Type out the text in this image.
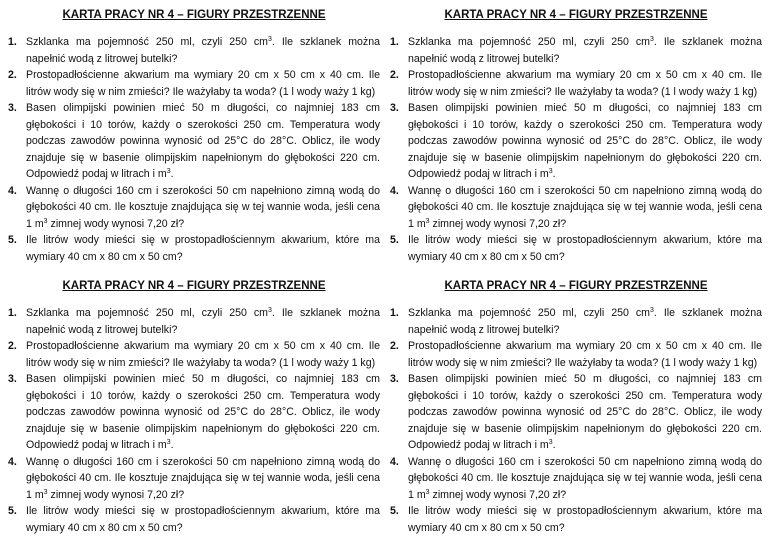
KARTA PRACY NR 4 – FIGURY PRZESTRZENNE
1. Szklanka ma pojemność 250 ml, czyli 250 $cm^3$. Ile szklanek można napełnić wodą z litrowej butelki?
2. Prostopadłościenne akwarium ma wymiary 20 cm x 50 cm x 40 cm. Ile litrów wody się w nim zmieści? Ile ważyłaby ta woda? (1 l wody waży 1 kg)
3. Basen olimpijski powinien mieć 50 m długości, co najmniej 183 cm głębokości i 10 torów, każdy o szerokości 250 cm. Temperatura wody podczas zawodów powinna wynosić od 25°C do 28°C. Oblicz, ile wody znajduje się w basenie olimpijskim napełnionym do głębokości 220 cm. Odpowiedź podaj w litrach i $m^3$.
4. Wannę o długości 160 cm i szerokości 50 cm napełniono zimną wodą do głębokości 40 cm. Ile kosztuje znajdująca się w tej wannie woda, jeśli cena 1 $m^3$ zimnej wody wynosi 7,20 zł?
5. Ile litrów wody mieści się w prostopadłościennym akwarium, które ma wymiary 40 cm x 80 cm x 50 cm?
KARTA PRACY NR 4 – FIGURY PRZESTRZENNE
1. Szklanka ma pojemność 250 ml, czyli 250 $cm^3$. Ile szklanek można napełnić wodą z litrowej butelki?
2. Prostopadłościenne akwarium ma wymiary 20 cm x 50 cm x 40 cm. Ile litrów wody się w nim zmieści? Ile ważyłaby ta woda? (1 l wody waży 1 kg)
3. Basen olimpijski powinien mieć 50 m długości, co najmniej 183 cm głębokości i 10 torów, każdy o szerokości 250 cm. Temperatura wody podczas zawodów powinna wynosić od 25°C do 28°C. Oblicz, ile wody znajduje się w basenie olimpijskim napełnionym do głębokości 220 cm. Odpowiedź podaj w litrach i $m^3$.
4. Wannę o długości 160 cm i szerokości 50 cm napełniono zimną wodą do głębokości 40 cm. Ile kosztuje znajdująca się w tej wannie woda, jeśli cena 1 $m^3$ zimnej wody wynosi 7,20 zł?
5. Ile litrów wody mieści się w prostopadłościennym akwarium, które ma wymiary 40 cm x 80 cm x 50 cm?
KARTA PRACY NR 4 – FIGURY PRZESTRZENNE
1. Szklanka ma pojemność 250 ml, czyli 250 $cm^3$. Ile szklanek można napełnić wodą z litrowej butelki?
2. Prostopadłościenne akwarium ma wymiary 20 cm x 50 cm x 40 cm. Ile litrów wody się w nim zmieści? Ile ważyłaby ta woda? (1 l wody waży 1 kg)
3. Basen olimpijski powinien mieć 50 m długości, co najmniej 183 cm głębokości i 10 torów, każdy o szerokości 250 cm. Temperatura wody podczas zawodów powinna wynosić od 25°C do 28°C. Oblicz, ile wody znajduje się w basenie olimpijskim napełnionym do głębokości 220 cm. Odpowiedź podaj w litrach i $m^3$.
4. Wannę o długości 160 cm i szerokości 50 cm napełniono zimną wodą do głębokości 40 cm. Ile kosztuje znajdująca się w tej wannie woda, jeśli cena 1 $m^3$ zimnej wody wynosi 7,20 zł?
5. Ile litrów wody mieści się w prostopadłościennym akwarium, które ma wymiary 40 cm x 80 cm x 50 cm?
KARTA PRACY NR 4 – FIGURY PRZESTRZENNE
1. Szklanka ma pojemność 250 ml, czyli 250 $cm^3$. Ile szklanek można napełnić wodą z litrowej butelki?
2. Prostopadłościenne akwarium ma wymiary 20 cm x 50 cm x 40 cm. Ile litrów wody się w nim zmieści? Ile ważyłaby ta woda? (1 l wody waży 1 kg)
3. Basen olimpijski powinien mieć 50 m długości, co najmniej 183 cm głębokości i 10 torów, każdy o szerokości 250 cm. Temperatura wody podczas zawodów powinna wynosić od 25°C do 28°C. Oblicz, ile wody znajduje się w basenie olimpijskim napełnionym do głębokości 220 cm. Odpowiedź podaj w litrach i $m^3$.
4. Wannę o długości 160 cm i szerokości 50 cm napełniono zimną wodą do głębokości 40 cm. Ile kosztuje znajdująca się w tej wannie woda, jeśli cena 1 $m^3$ zimnej wody wynosi 7,20 zł?
5. Ile litrów wody mieści się w prostopadłościennym akwarium, które ma wymiary 40 cm x 80 cm x 50 cm?
